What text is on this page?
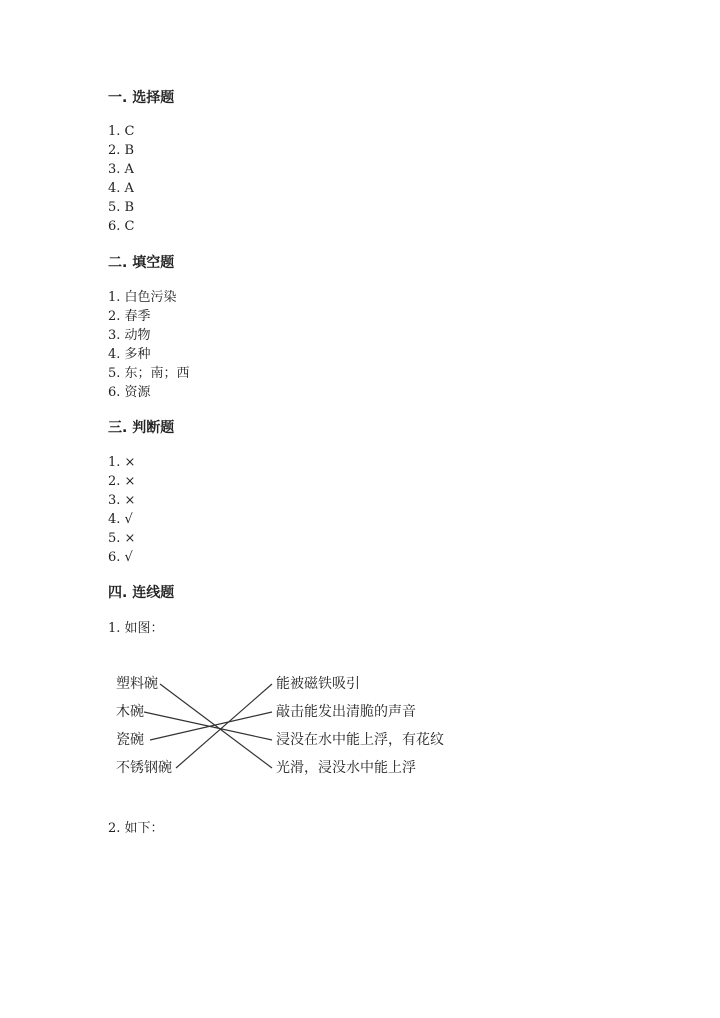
一. 选择题
1. C
2. B
3. A
4. A
5. B
6. C
二. 填空题
1. 白色污染
2. 春季
3. 动物
4. 多种
5. 东；南；西
6. 资源
三. 判断题
1. ×
2. ×
3. ×
4. √
5. ×
6. √
四. 连线题
1. 如图：
塑料碗
木碗
瓷碗
不锈钢碗
能被磁铁吸引
敲击能发出清脆的声音
浸没在水中能上浮，有花纹
光滑，浸没水中能上浮
2. 如下：
